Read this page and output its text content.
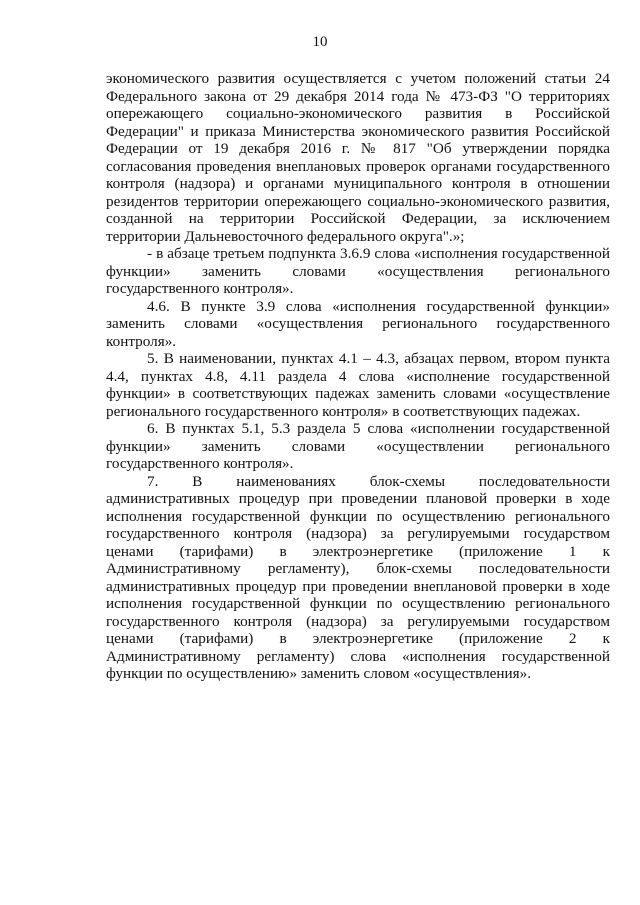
10

экономического развития осуществляется с учетом положений статьи 24 Федерального закона от 29 декабря 2014 года № 473-ФЗ "О территориях опережающего социально-экономического развития в Российской Федерации" и приказа Министерства экономического развития Российской Федерации от 19 декабря 2016 г. № 817 "Об утверждении порядка согласования проведения внеплановых проверок органами государственного контроля (надзора) и органами муниципального контроля в отношении резидентов территории опережающего социально-экономического развития, созданной на территории Российской Федерации, за исключением территории Дальневосточного федерального округа".»;

- в абзаце третьем подпункта 3.6.9 слова «исполнения государственной функции» заменить словами «осуществления регионального государственного контроля».

4.6. В пункте 3.9 слова «исполнения государственной функции» заменить словами «осуществления регионального государственного контроля».

5. В наименовании, пунктах 4.1 – 4.3, абзацах первом, втором пункта 4.4, пунктах 4.8, 4.11 раздела 4 слова «исполнение государственной функции» в соответствующих падежах заменить словами «осуществление регионального государственного контроля» в соответствующих падежах.

6. В пунктах 5.1, 5.3 раздела 5 слова «исполнении государственной функции» заменить словами «осуществлении регионального государственного контроля».

7. В наименованиях блок-схемы последовательности административных процедур при проведении плановой проверки в ходе исполнения государственной функции по осуществлению регионального государственного контроля (надзора) за регулируемыми государством ценами (тарифами) в электроэнергетике (приложение 1 к Административному регламенту), блок-схемы последовательности административных процедур при проведении внеплановой проверки в ходе исполнения государственной функции по осуществлению регионального государственного контроля (надзора) за регулируемыми государством ценами (тарифами) в электроэнергетике (приложение 2 к Административному регламенту) слова «исполнения государственной функции по осуществлению» заменить словом «осуществления».
